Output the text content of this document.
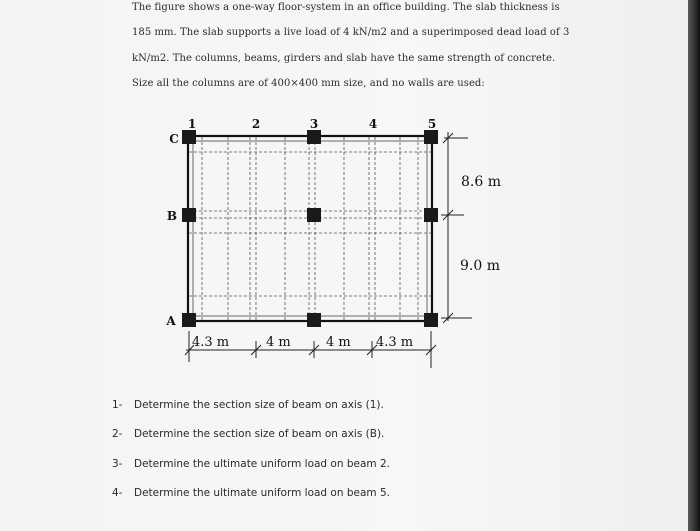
The figure shows a one-way floor-system in an office building. The slab thickness is
185 mm. The slab supports a live load of 4 kN/m2 and a superimposed dead load of 3
kN/m2. The columns, beams, girders and slab have the same strength of concrete.
Size all the columns are of 400×400 mm size, and no walls are used:
1	2	3	4	5
C
B
A
8.6 m
9.0 m
4.3 m	4 m	4 m 4.3 m
1- Determine the section size of beam on axis (1).
2- Determine the section size of beam on axis (B).
3- Determine the ultimate uniform load on beam 2.
4- Determine the ultimate uniform load on beam 5.
